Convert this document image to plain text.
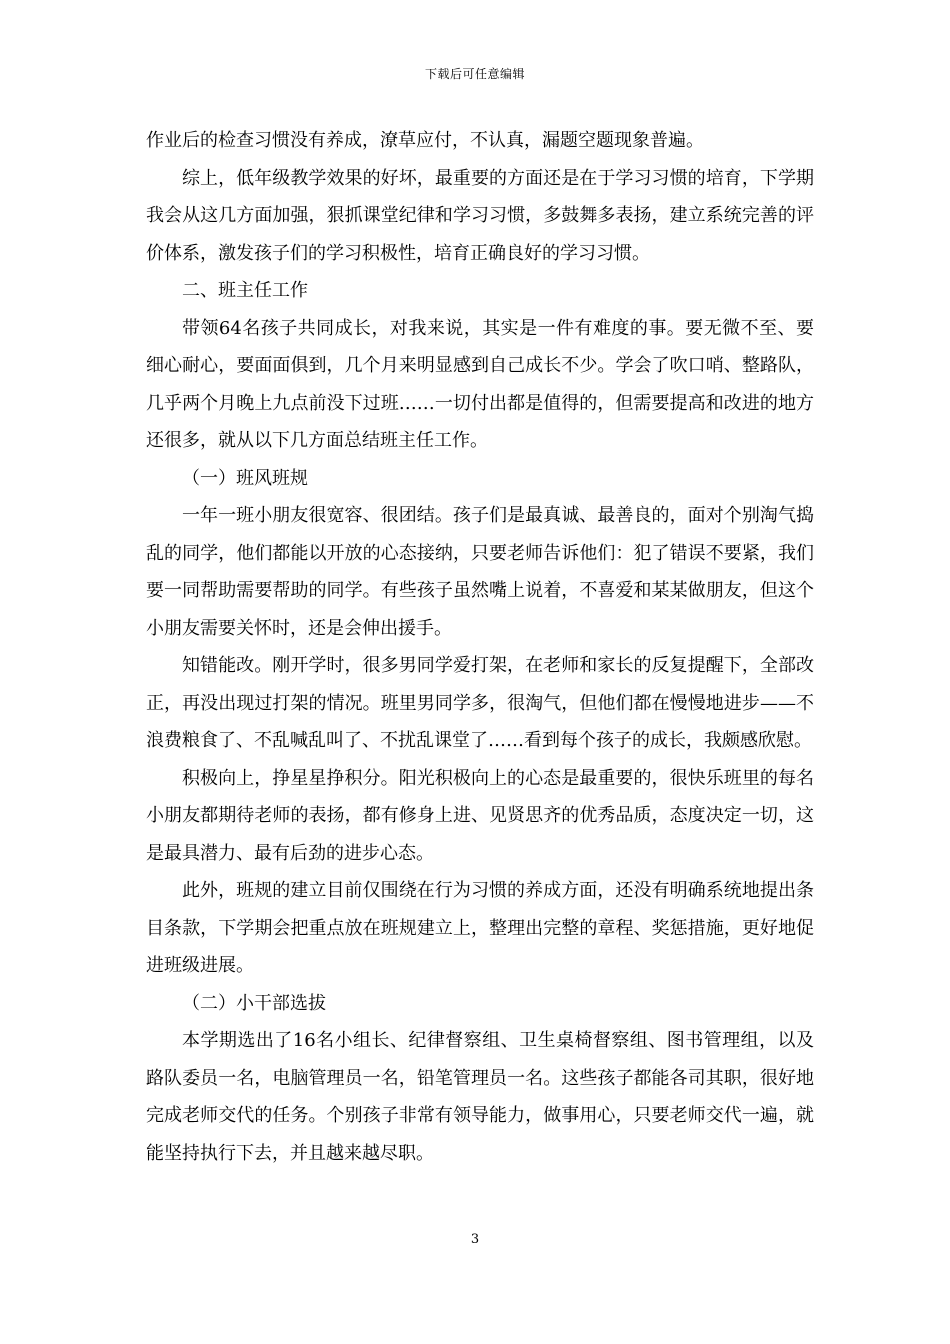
下载后可任意编辑

作业后的检查习惯没有养成，潦草应付，不认真，漏题空题现象普遍。

综上，低年级教学效果的好坏，最重要的方面还是在于学习习惯的培育，下学期我会从这几方面加强，狠抓课堂纪律和学习习惯，多鼓舞多表扬，建立系统完善的评价体系，激发孩子们的学习积极性，培育正确良好的学习习惯。

二、班主任工作

带领64名孩子共同成长，对我来说，其实是一件有难度的事。要无微不至、要细心耐心，要面面俱到，几个月来明显感到自己成长不少。学会了吹口哨、整路队，几乎两个月晚上九点前没下过班……一切付出都是值得的，但需要提高和改进的地方还很多，就从以下几方面总结班主任工作。

（一）班风班规

一年一班小朋友很宽容、很团结。孩子们是最真诚、最善良的，面对个别淘气捣乱的同学，他们都能以开放的心态接纳，只要老师告诉他们：犯了错误不要紧，我们要一同帮助需要帮助的同学。有些孩子虽然嘴上说着，不喜爱和某某做朋友，但这个小朋友需要关怀时，还是会伸出援手。

知错能改。刚开学时，很多男同学爱打架，在老师和家长的反复提醒下，全部改正，再没出现过打架的情况。班里男同学多，很淘气，但他们都在慢慢地进步——不浪费粮食了、不乱喊乱叫了、不扰乱课堂了……看到每个孩子的成长，我颇感欣慰。

积极向上，挣星星挣积分。阳光积极向上的心态是最重要的，很快乐班里的每名小朋友都期待老师的表扬，都有修身上进、见贤思齐的优秀品质，态度决定一切，这是最具潜力、最有后劲的进步心态。

此外，班规的建立目前仅围绕在行为习惯的养成方面，还没有明确系统地提出条目条款，下学期会把重点放在班规建立上，整理出完整的章程、奖惩措施，更好地促进班级进展。

（二）小干部选拔

本学期选出了16名小组长、纪律督察组、卫生桌椅督察组、图书管理组，以及路队委员一名，电脑管理员一名，铅笔管理员一名。这些孩子都能各司其职，很好地完成老师交代的任务。个别孩子非常有领导能力，做事用心，只要老师交代一遍，就能坚持执行下去，并且越来越尽职。

3
